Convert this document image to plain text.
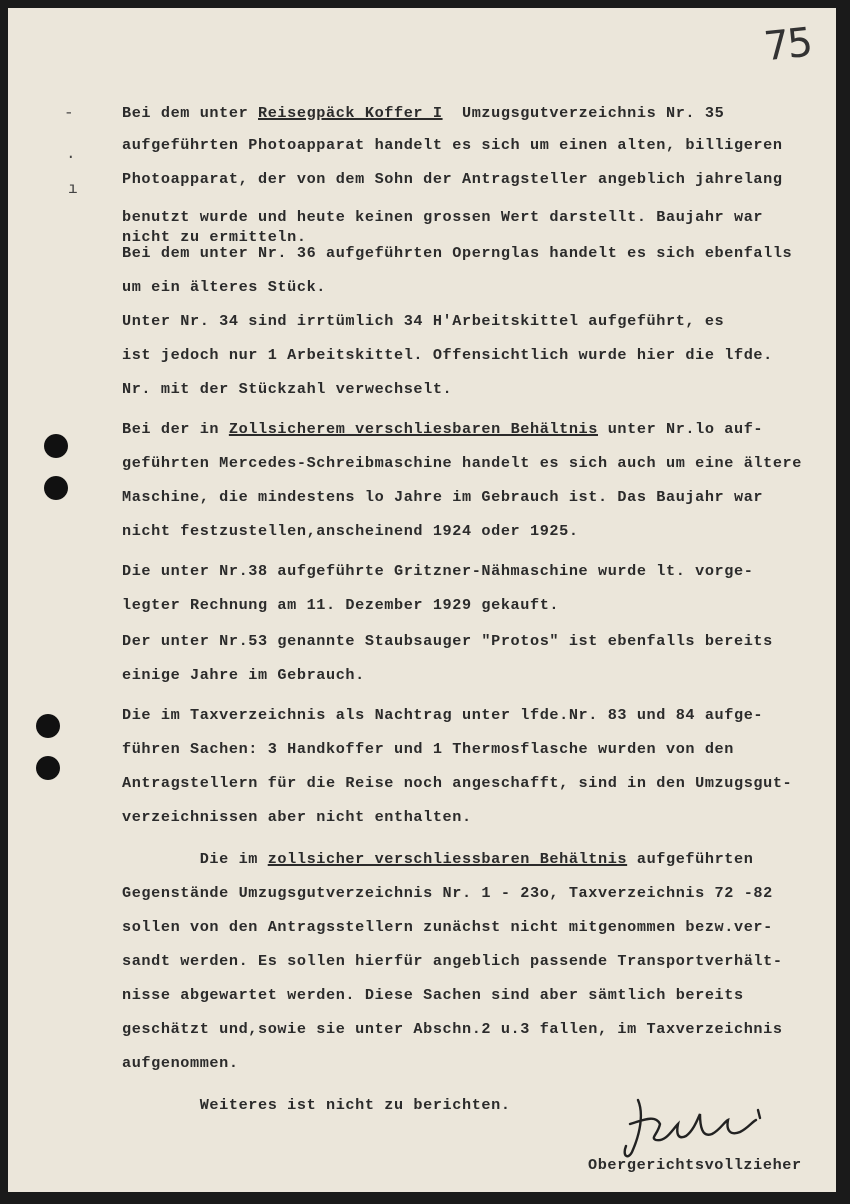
75
-
·
ı
Bei dem unter Reisegpäck Koffer I  Umzugsgutverzeichnis Nr. 35
aufgeführten Photoapparat handelt es sich um einen alten, billigeren
Photoapparat, der von dem Sohn der Antragsteller angeblich jahrelang
benutzt wurde und heute keinen grossen Wert darstellt. Baujahr war
nicht zu ermitteln.
Bei dem unter Nr. 36 aufgeführten Opernglas handelt es sich ebenfalls
um ein älteres Stück.
Unter Nr. 34 sind irrtümlich 34 H'Arbeitskittel aufgeführt, es
ist jedoch nur 1 Arbeitskittel. Offensichtlich wurde hier die lfde.
Nr. mit der Stückzahl verwechselt.
Bei der in Zollsicherem verschliesbaren Behältnis unter Nr.lo auf-
geführten Mercedes-Schreibmaschine handelt es sich auch um eine ältere
Maschine, die mindestens lo Jahre im Gebrauch ist. Das Baujahr war
nicht festzustellen,anscheinend 1924 oder 1925.
Die unter Nr.38 aufgeführte Gritzner-Nähmaschine wurde lt. vorge-
legter Rechnung am 11. Dezember 1929 gekauft.
Der unter Nr.53 genannte Staubsauger "Protos" ist ebenfalls bereits
einige Jahre im Gebrauch.
Die im Taxverzeichnis als Nachtrag unter lfde.Nr. 83 und 84 aufge-
führen Sachen: 3 Handkoffer und 1 Thermosflasche wurden von den
Antragstellern für die Reise noch angeschafft, sind in den Umzugsgut-
verzeichnissen aber nicht enthalten.
Die im zollsicher verschliessbaren Behältnis aufgeführten
Gegenstände Umzugsgutverzeichnis Nr. 1 - 23o, Taxverzeichnis 72 -82
sollen von den Antragsstellern zunächst nicht mitgenommen bezw.ver-
sandt werden. Es sollen hierfür angeblich passende Transportverhält-
nisse abgewartet werden. Diese Sachen sind aber sämtlich bereits
geschätzt und,sowie sie unter Abschn.2 u.3 fallen, im Taxverzeichnis
aufgenommen.
Weiteres ist nicht zu berichten.
Obergerichtsvollzieher
